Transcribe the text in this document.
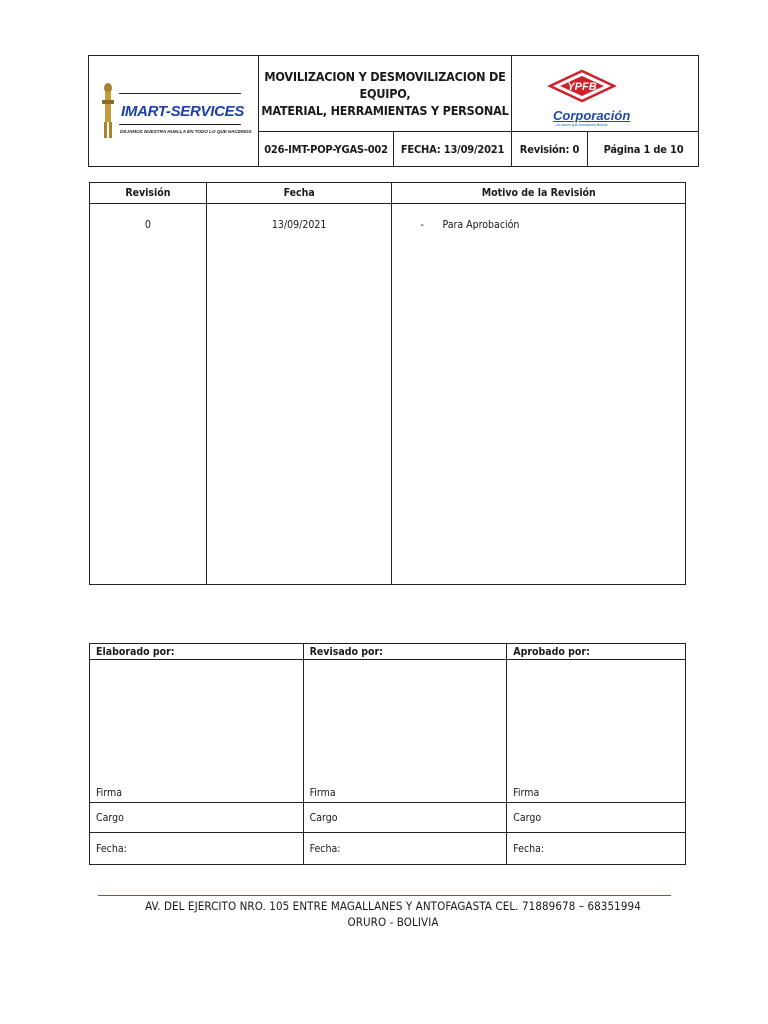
IMART-SERVICES
DEJAMOS NUESTRA HUELLA EN TODO LO QUE HACEMOS
MOVILIZACION Y DESMOVILIZACION DE EQUIPO,
MATERIAL, HERRAMIENTAS Y PERSONAL
YPFB
Corporación
La fuerza que transforma Bolivia
026-IMT-POP-YGAS-002	FECHA: 13/09/2021	Revisión: 0	Página 1 de 10
Revisión	Fecha	Motivo de la Revisión
0	13/09/2021	- Para Aprobación
Elaborado por:	Revisado por:	Aprobado por:
Firma	Firma	Firma
Cargo	Cargo	Cargo
Fecha:	Fecha:	Fecha:
AV. DEL EJERCITO NRO. 105 ENTRE MAGALLANES Y ANTOFAGASTA CEL. 71889678 – 68351994
ORURO - BOLIVIA
